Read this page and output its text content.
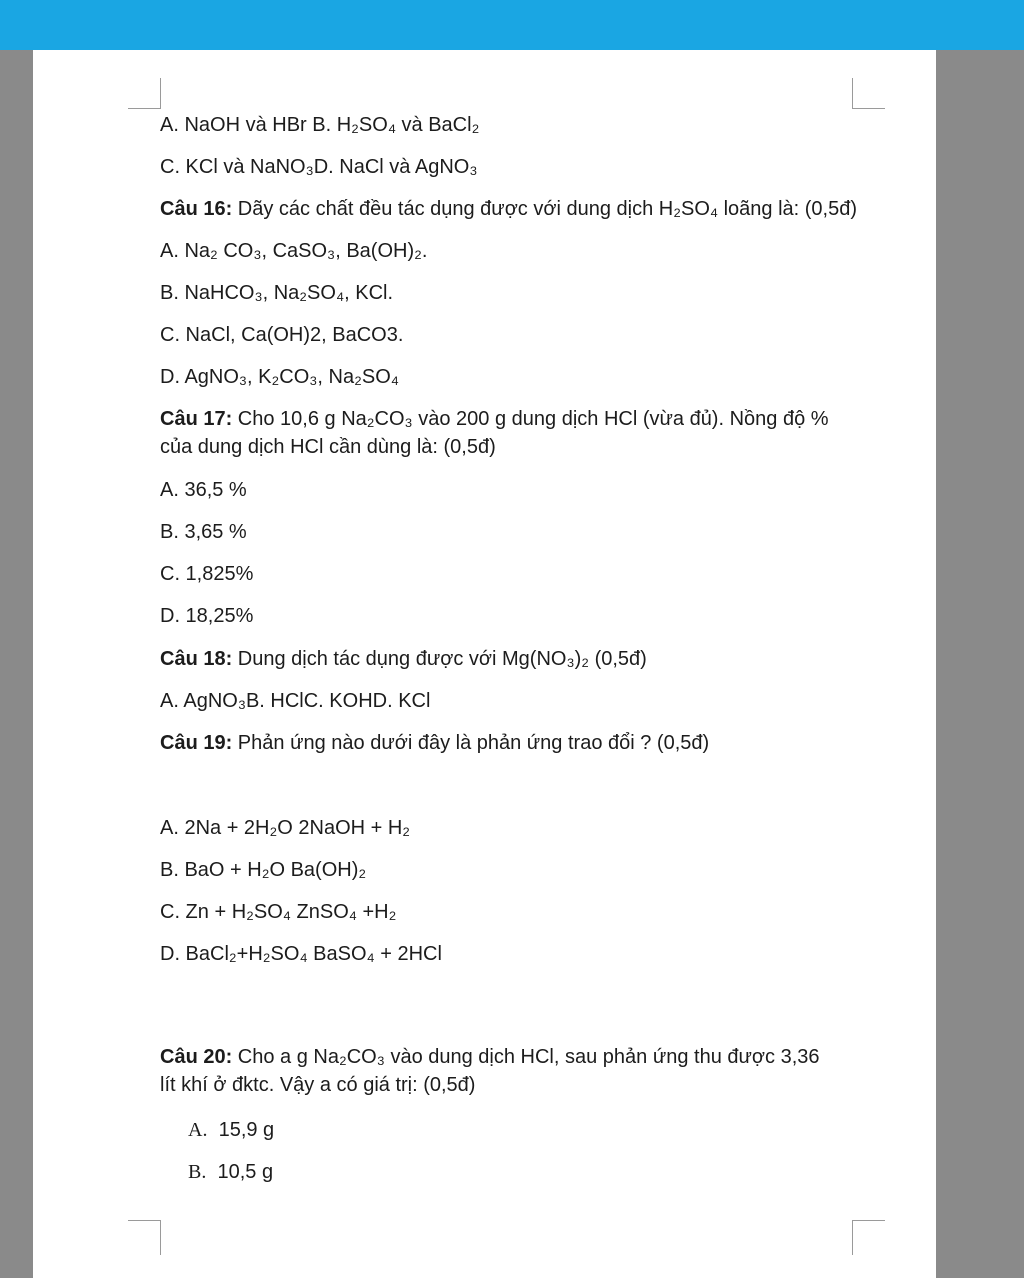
A. NaOH và HBr B. H₂SO₄ và BaCl₂
C. KCl và NaNO₃D. NaCl và AgNO₃
Câu 16: Dãy các chất đều tác dụng được với dung dịch H₂SO₄ loãng là: (0,5đ)
A. Na₂ CO₃, CaSO₃, Ba(OH)₂.
B. NaHCO₃, Na₂SO₄, KCl.
C. NaCl, Ca(OH)2, BaCO3.
D. AgNO₃, K₂CO₃, Na₂SO₄
Câu 17: Cho 10,6 g Na₂CO₃ vào 200 g dung dịch HCl (vừa đủ). Nồng độ % của dung dịch HCl cần dùng là: (0,5đ)
A. 36,5 %
B. 3,65 %
C. 1,825%
D. 18,25%
Câu 18: Dung dịch tác dụng được với Mg(NO₃)₂ (0,5đ)
A. AgNO₃B. HClC. KOHD. KCl
Câu 19: Phản ứng nào dưới đây là phản ứng trao đổi ? (0,5đ)
A. 2Na + 2H₂O 2NaOH + H₂
B. BaO + H₂O Ba(OH)₂
C. Zn + H₂SO₄ ZnSO₄ +H₂
D. BaCl₂+H₂SO₄ BaSO₄ + 2HCl
Câu 20: Cho a g Na₂CO₃ vào dung dịch HCl, sau phản ứng thu được 3,36 lít khí ở đktc. Vậy a có giá trị: (0,5đ)
A. 15,9 g
B. 10,5 g
